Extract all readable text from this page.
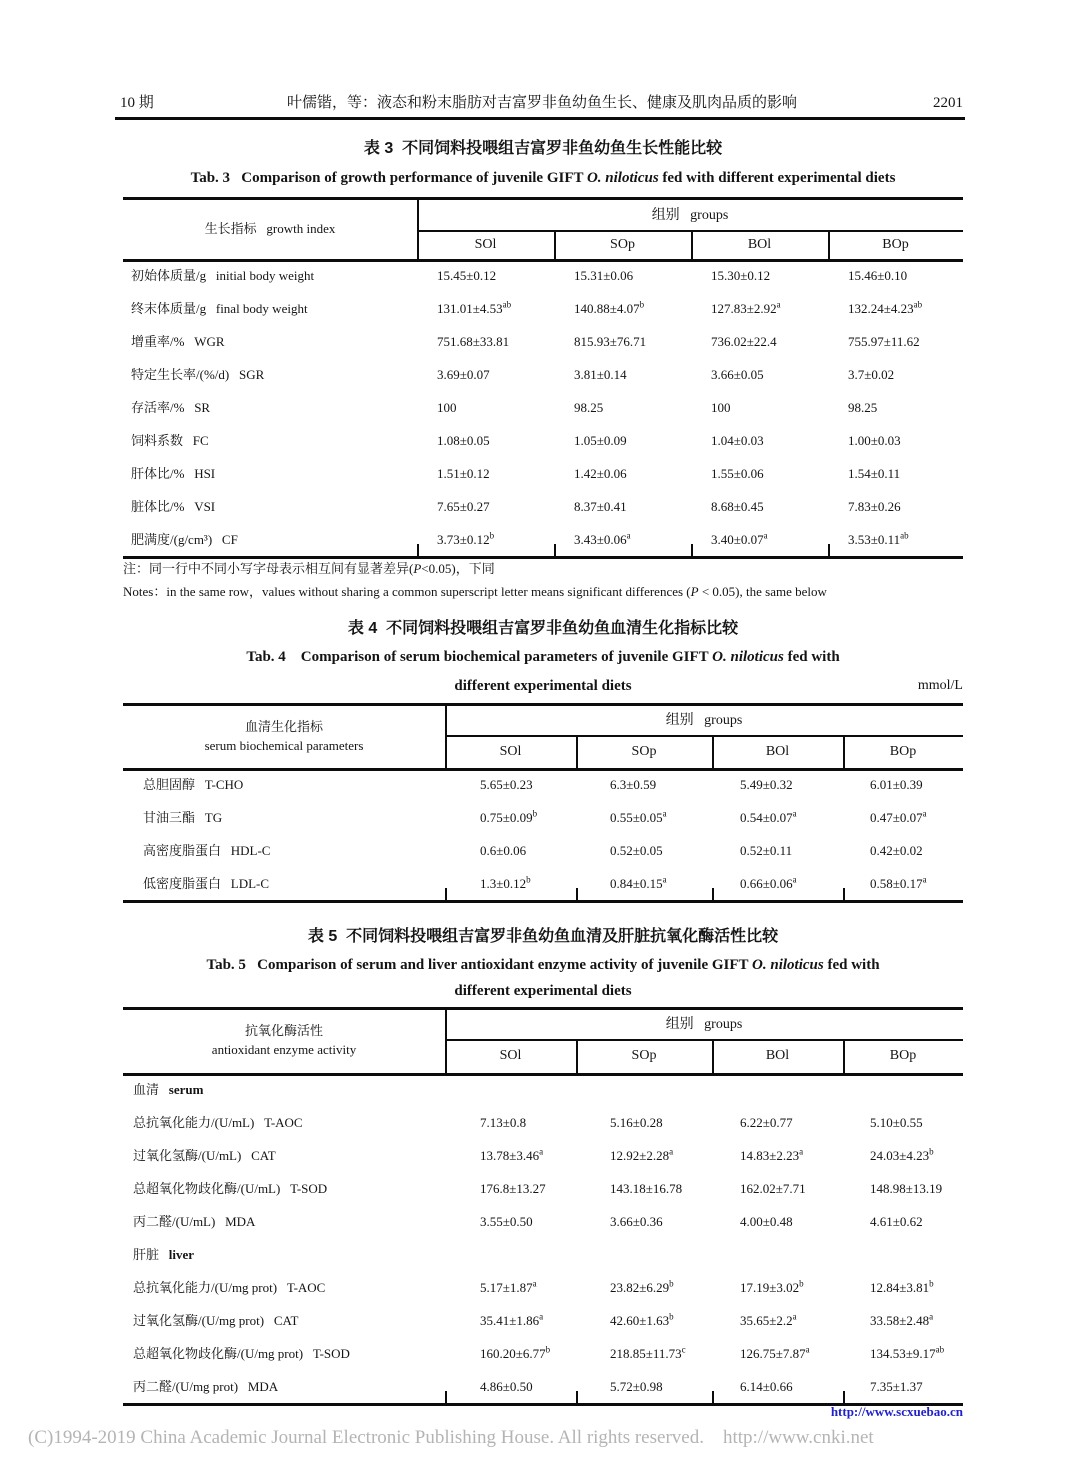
10 期	叶儒锴，等：液态和粉末脂肪对吉富罗非鱼幼鱼生长、健康及肌肉品质的影响	2201
表 3  不同饲料投喂组吉富罗非鱼幼鱼生长性能比较
Tab. 3   Comparison of growth performance of juvenile GIFT O. niloticus fed with different experimental diets
生长指标   growth index
组别   groups
SOl	SOp	BOl	BOp
初始体质量/g   initial body weight	15.45±0.12	15.31±0.06	15.30±0.12	15.46±0.10
终末体质量/g   final body weight	131.01±4.53$^{ab}$	140.88±4.07$^b$	127.83±2.92$^a$	132.24±4.23$^{ab}$
增重率/%   WGR	751.68±33.81	815.93±76.71	736.02±22.4	755.97±11.62
特定生长率/(%/d)   SGR	3.69±0.07	3.81±0.14	3.66±0.05	3.7±0.02
存活率/%   SR	100	98.25	100	98.25
饲料系数   FC	1.08±0.05	1.05±0.09	1.04±0.03	1.00±0.03
肝体比/%   HSI	1.51±0.12	1.42±0.06	1.55±0.06	1.54±0.11
脏体比/%   VSI	7.65±0.27	8.37±0.41	8.68±0.45	7.83±0.26
肥满度/(g/cm³)   CF	3.73±0.12$^b$	3.43±0.06$^a$	3.40±0.07$^a$	3.53±0.11$^{ab}$
表 4  不同饲料投喂组吉富罗非鱼幼鱼血清生化指标比较
Tab. 4    Comparison of serum biochemical parameters of juvenile GIFT O. niloticus fed with
different experimental diets	mmol/L
血清生化指标
serum biochemical parameters
组别   groups
SOl	SOp	BOl	BOp
总胆固醇   T-CHO	5.65±0.23	6.3±0.59	5.49±0.32	6.01±0.39
甘油三酯   TG	0.75±0.09$^b$	0.55±0.05$^a$	0.54±0.07$^a$	0.47±0.07$^a$
高密度脂蛋白   HDL-C	0.6±0.06	0.52±0.05	0.52±0.11	0.42±0.02
低密度脂蛋白   LDL-C	1.3±0.12$^b$	0.84±0.15$^a$	0.66±0.06$^a$	0.58±0.17$^a$
表 5  不同饲料投喂组吉富罗非鱼幼鱼血清及肝脏抗氧化酶活性比较
Tab. 5   Comparison of serum and liver antioxidant enzyme activity of juvenile GIFT O. niloticus fed with
different experimental diets
抗氧化酶活性
antioxidant enzyme activity
组别   groups
SOl	SOp	BOl	BOp
血清   serum
总抗氧化能力/(U/mL)   T-AOC	7.13±0.8	5.16±0.28	6.22±0.77	5.10±0.55
过氧化氢酶/(U/mL)   CAT	13.78±3.46$^a$	12.92±2.28$^a$	14.83±2.23$^a$	24.03±4.23$^b$
总超氧化物歧化酶/(U/mL)   T-SOD	176.8±13.27	143.18±16.78	162.02±7.71	148.98±13.19
丙二醛/(U/mL)   MDA	3.55±0.50	3.66±0.36	4.00±0.48	4.61±0.62
肝脏   liver
总抗氧化能力/(U/mg prot)   T-AOC	5.17±1.87$^a$	23.82±6.29$^b$	17.19±3.02$^b$	12.84±3.81$^b$
过氧化氢酶/(U/mg prot)   CAT	35.41±1.86$^a$	42.60±1.63$^b$	35.65±2.2$^a$	33.58±2.48$^a$
总超氧化物歧化酶/(U/mg prot)   T-SOD	160.20±6.77$^b$	218.85±11.73$^c$	126.75±7.87$^a$	134.53±9.17$^{ab}$
丙二醛/(U/mg prot)   MDA	4.86±0.50	5.72±0.98	6.14±0.66	7.35±1.37
注：同一行中不同小写字母表示相互间有显著差异(P<0.05)，下同
Notes：in the same row，values without sharing a common superscript letter means significant differences (P < 0.05), the same below
http://www.scxuebao.cn
(C)1994-2019 China Academic Journal Electronic Publishing House. All rights reserved.    http://www.cnki.net
